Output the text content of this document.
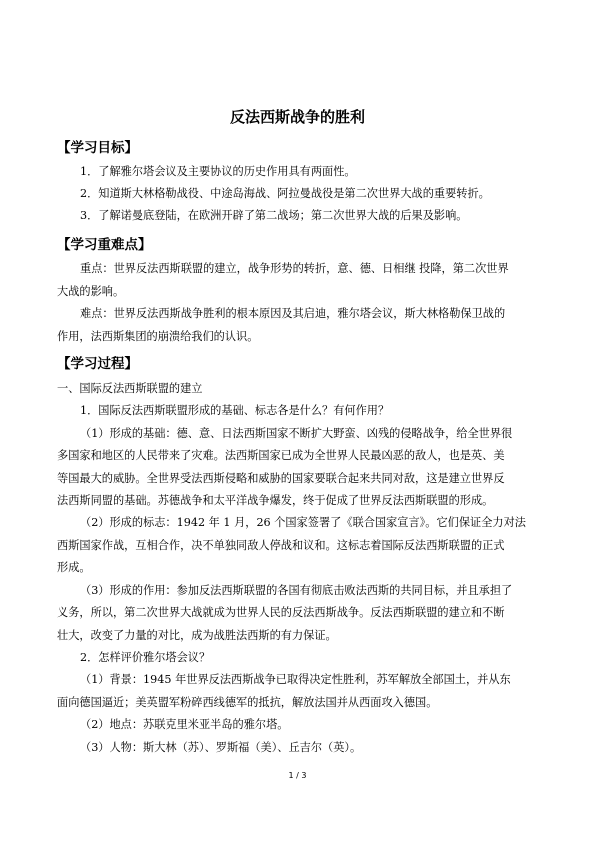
反法西斯战争的胜利
【学习目标】
1．了解雅尔塔会议及主要协议的历史作用具有两面性。
2．知道斯大林格勒战役、中途岛海战、阿拉曼战役是第二次世界大战的重要转折。
3．了解诺曼底登陆，在欧洲开辟了第二战场；第二次世界大战的后果及影响。
【学习重难点】
重点：世界反法西斯联盟的建立，战争形势的转折，意、德、日相继 投降，第二次世界
大战的影响。
难点：世界反法西斯战争胜利的根本原因及其启迪，雅尔塔会议，斯大林格勒保卫战的
作用，法西斯集团的崩溃给我们的认识。
【学习过程】
一、国际反法西斯联盟的建立
1．国际反法西斯联盟形成的基础、标志各是什么？有何作用？
（1）形成的基础：德、意、日法西斯国家不断扩大野蛮、凶残的侵略战争，给全世界很
多国家和地区的人民带来了灾难。法西斯国家已成为全世界人民最凶恶的敌人，也是英、美
等国最大的威胁。全世界受法西斯侵略和威胁的国家要联合起来共同对敌，这是建立世界反
法西斯同盟的基础。苏德战争和太平洋战争爆发，终于促成了世界反法西斯联盟的形成。
（2）形成的标志：1942 年 1 月，26 个国家签署了《联合国家宣言》。它们保证全力对法
西斯国家作战，互相合作，决不单独同敌人停战和议和。这标志着国际反法西斯联盟的正式
形成。
（3）形成的作用：参加反法西斯联盟的各国有彻底击败法西斯的共同目标，并且承担了
义务，所以，第二次世界大战就成为世界人民的反法西斯战争。反法西斯联盟的建立和不断
壮大，改变了力量的对比，成为战胜法西斯的有力保证。
2．怎样评价雅尔塔会议？
（1）背景：1945 年世界反法西斯战争已取得决定性胜利，苏军解放全部国土，并从东
面向德国逼近；美英盟军粉碎西线德军的抵抗，解放法国并从西面攻入德国。
（2）地点：苏联克里米亚半岛的雅尔塔。
（3）人物：斯大林（苏）、罗斯福（美）、丘吉尔（英）。
1 / 3
